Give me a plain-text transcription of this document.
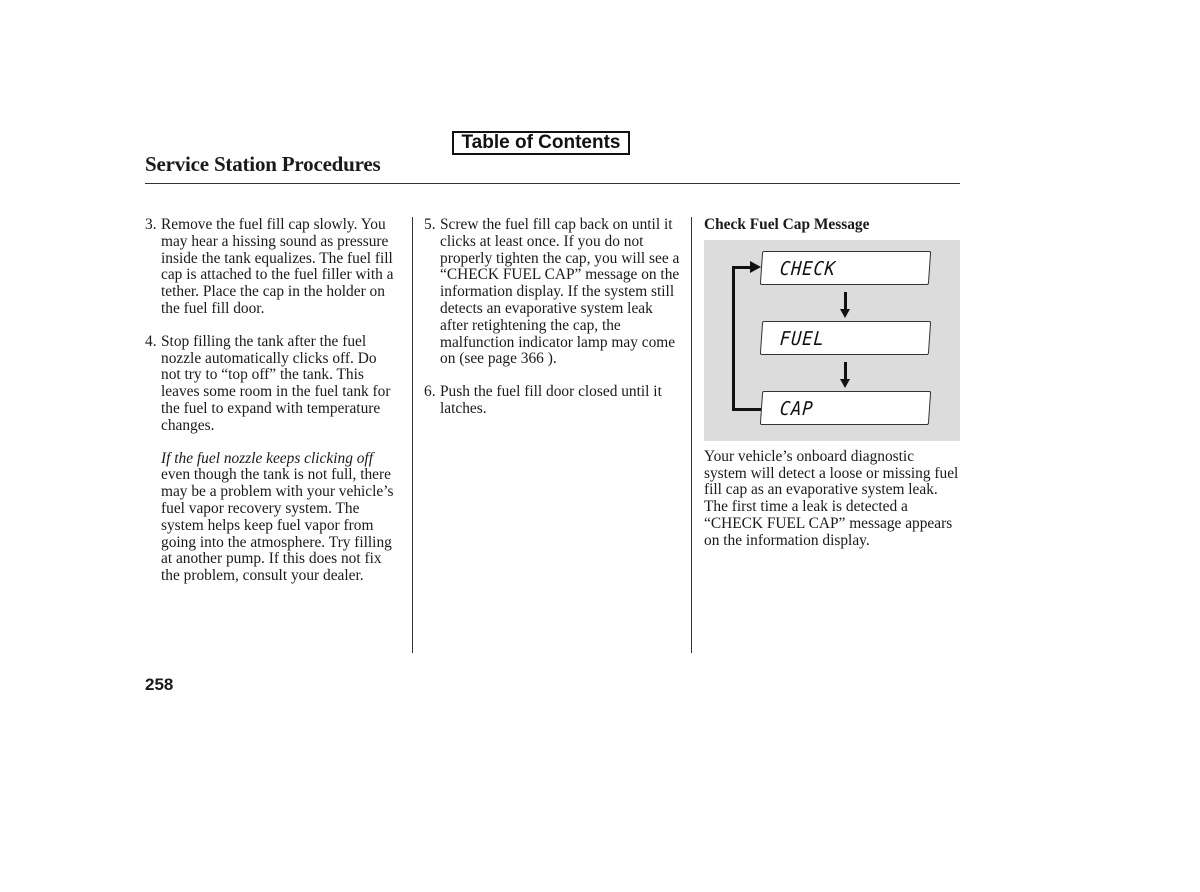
Table of Contents
Service Station Procedures
3. Remove the fuel fill cap slowly. You may hear a hissing sound as pressure inside the tank equalizes. The fuel fill cap is attached to the fuel filler with a tether. Place the cap in the holder on the fuel fill door.

4. Stop filling the tank after the fuel nozzle automatically clicks off. Do not try to “top off” the tank. This leaves some room in the fuel tank for the fuel to expand with temperature changes.

If the fuel nozzle keeps clicking off

even though the tank is not full, there may be a problem with your vehicle’s fuel vapor recovery system. The system helps keep fuel vapor from going into the atmosphere. Try filling at another pump. If this does not fix the problem, consult your dealer.

5. Screw the fuel fill cap back on until it clicks at least once. If you do not properly tighten the cap, you will see a “CHECK FUEL CAP” message on the information display. If the system still detects an evaporative system leak after retightening the cap, the malfunction indicator lamp may come on (see page 366 ).

6. Push the fuel fill door closed until it latches.

Check Fuel Cap Message

CHECK
FUEL
CAP

Your vehicle’s onboard diagnostic system will detect a loose or missing fuel fill cap as an evaporative system leak. The first time a leak is detected a “CHECK FUEL CAP” message appears on the information display.

258
